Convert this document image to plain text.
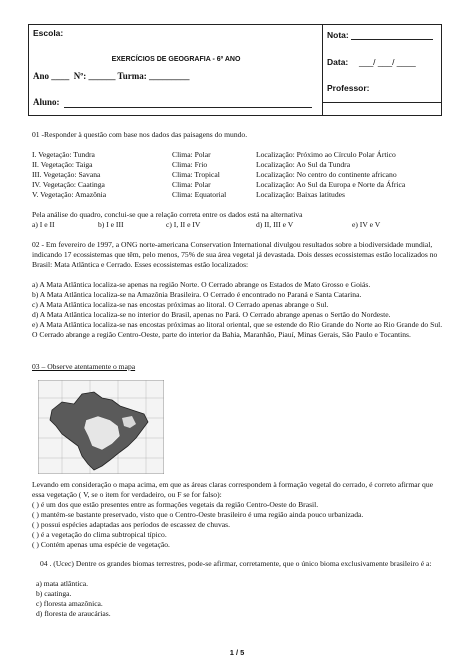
Escola:
EXERCÍCIOS DE GEOGRAFIA - 6º ANO
Ano ____  Nº: ______ Turma: _________
Aluno:
Nota:
Data: ___/ ___/ ____
Professor:
01 -Responder à questão com base nos dados das paisagens do mundo.
I. Vegetação: Tundra	Clima: Polar	Localização: Próximo ao Círculo Polar Ártico
II. Vegetação: Taiga	Clima: Frio	Localização: Ao Sul da Tundra
III. Vegetação: Savana	Clima: Tropical	Localização: No centro do continente africano
IV. Vegetação: Caatinga	Clima: Polar	Localização: Ao Sul da Europa e Norte da África
V. Vegetação: Amazônia	Clima: Equatorial	Localização: Baixas latitudes
Pela análise do quadro, conclui-se que a relação correta entre os dados está na alternativa
a) I e II	b) I e III	c) I, II e IV	d) II, III e V	e) IV e V
02 - Em fevereiro de 1997, a ONG norte-americana Conservation International divulgou resultados sobre a biodiversidade mundial, indicando 17 ecossistemas que têm, pelo menos, 75% de sua área vegetal já devastada. Dois desses ecossistemas estão localizados no Brasil: Mata Atlântica e Cerrado. Esses ecossistemas estão localizados:
a) A Mata Atlântica localiza-se apenas na região Norte. O Cerrado abrange os Estados de Mato Grosso e Goiás.
b) A Mata Atlântica localiza-se na Amazônia Brasileira. O Cerrado é encontrado no Paraná e Santa Catarina.
c) A Mata Atlântica localiza-se nas encostas próximas ao litoral. O Cerrado apenas abrange o Sul.
d) A Mata Atlântica localiza-se no interior do Brasil, apenas no Pará. O Cerrado abrange apenas o Sertão do Nordeste.
e) A Mata Atlântica localiza-se nas encostas próximas ao litoral oriental, que se estende do Rio Grande do Norte ao Rio Grande do Sul. O Cerrado abrange a região Centro-Oeste, parte do interior da Bahia, Maranhão, Piauí, Minas Gerais, São Paulo e Tocantins.
03 – Observe atentamente o mapa
Levando em consideração o mapa acima, em que as áreas claras correspondem à formação vegetal do cerrado, é correto afirmar que essa vegetação ( V, se o item for verdadeiro, ou F se for falso):
( ) é um dos que estão presentes entre as formações vegetais da região Centro-Oeste do Brasil.
( ) mantém-se bastante preservado, visto que o Centro-Oeste brasileiro é uma região ainda pouco urbanizada.
( ) possui espécies adaptadas aos períodos de escassez de chuvas.
( ) é a vegetação do clima subtropical típico.
( ) Contém apenas uma espécie de vegetação.
04 . (Ucec) Dentre os grandes biomas terrestres, pode-se afirmar, corretamente, que o único bioma exclusivamente brasileiro é a:
a) mata atlântica.
b) caatinga.
c) floresta amazônica.
d) floresta de araucárias.
1 / 5
